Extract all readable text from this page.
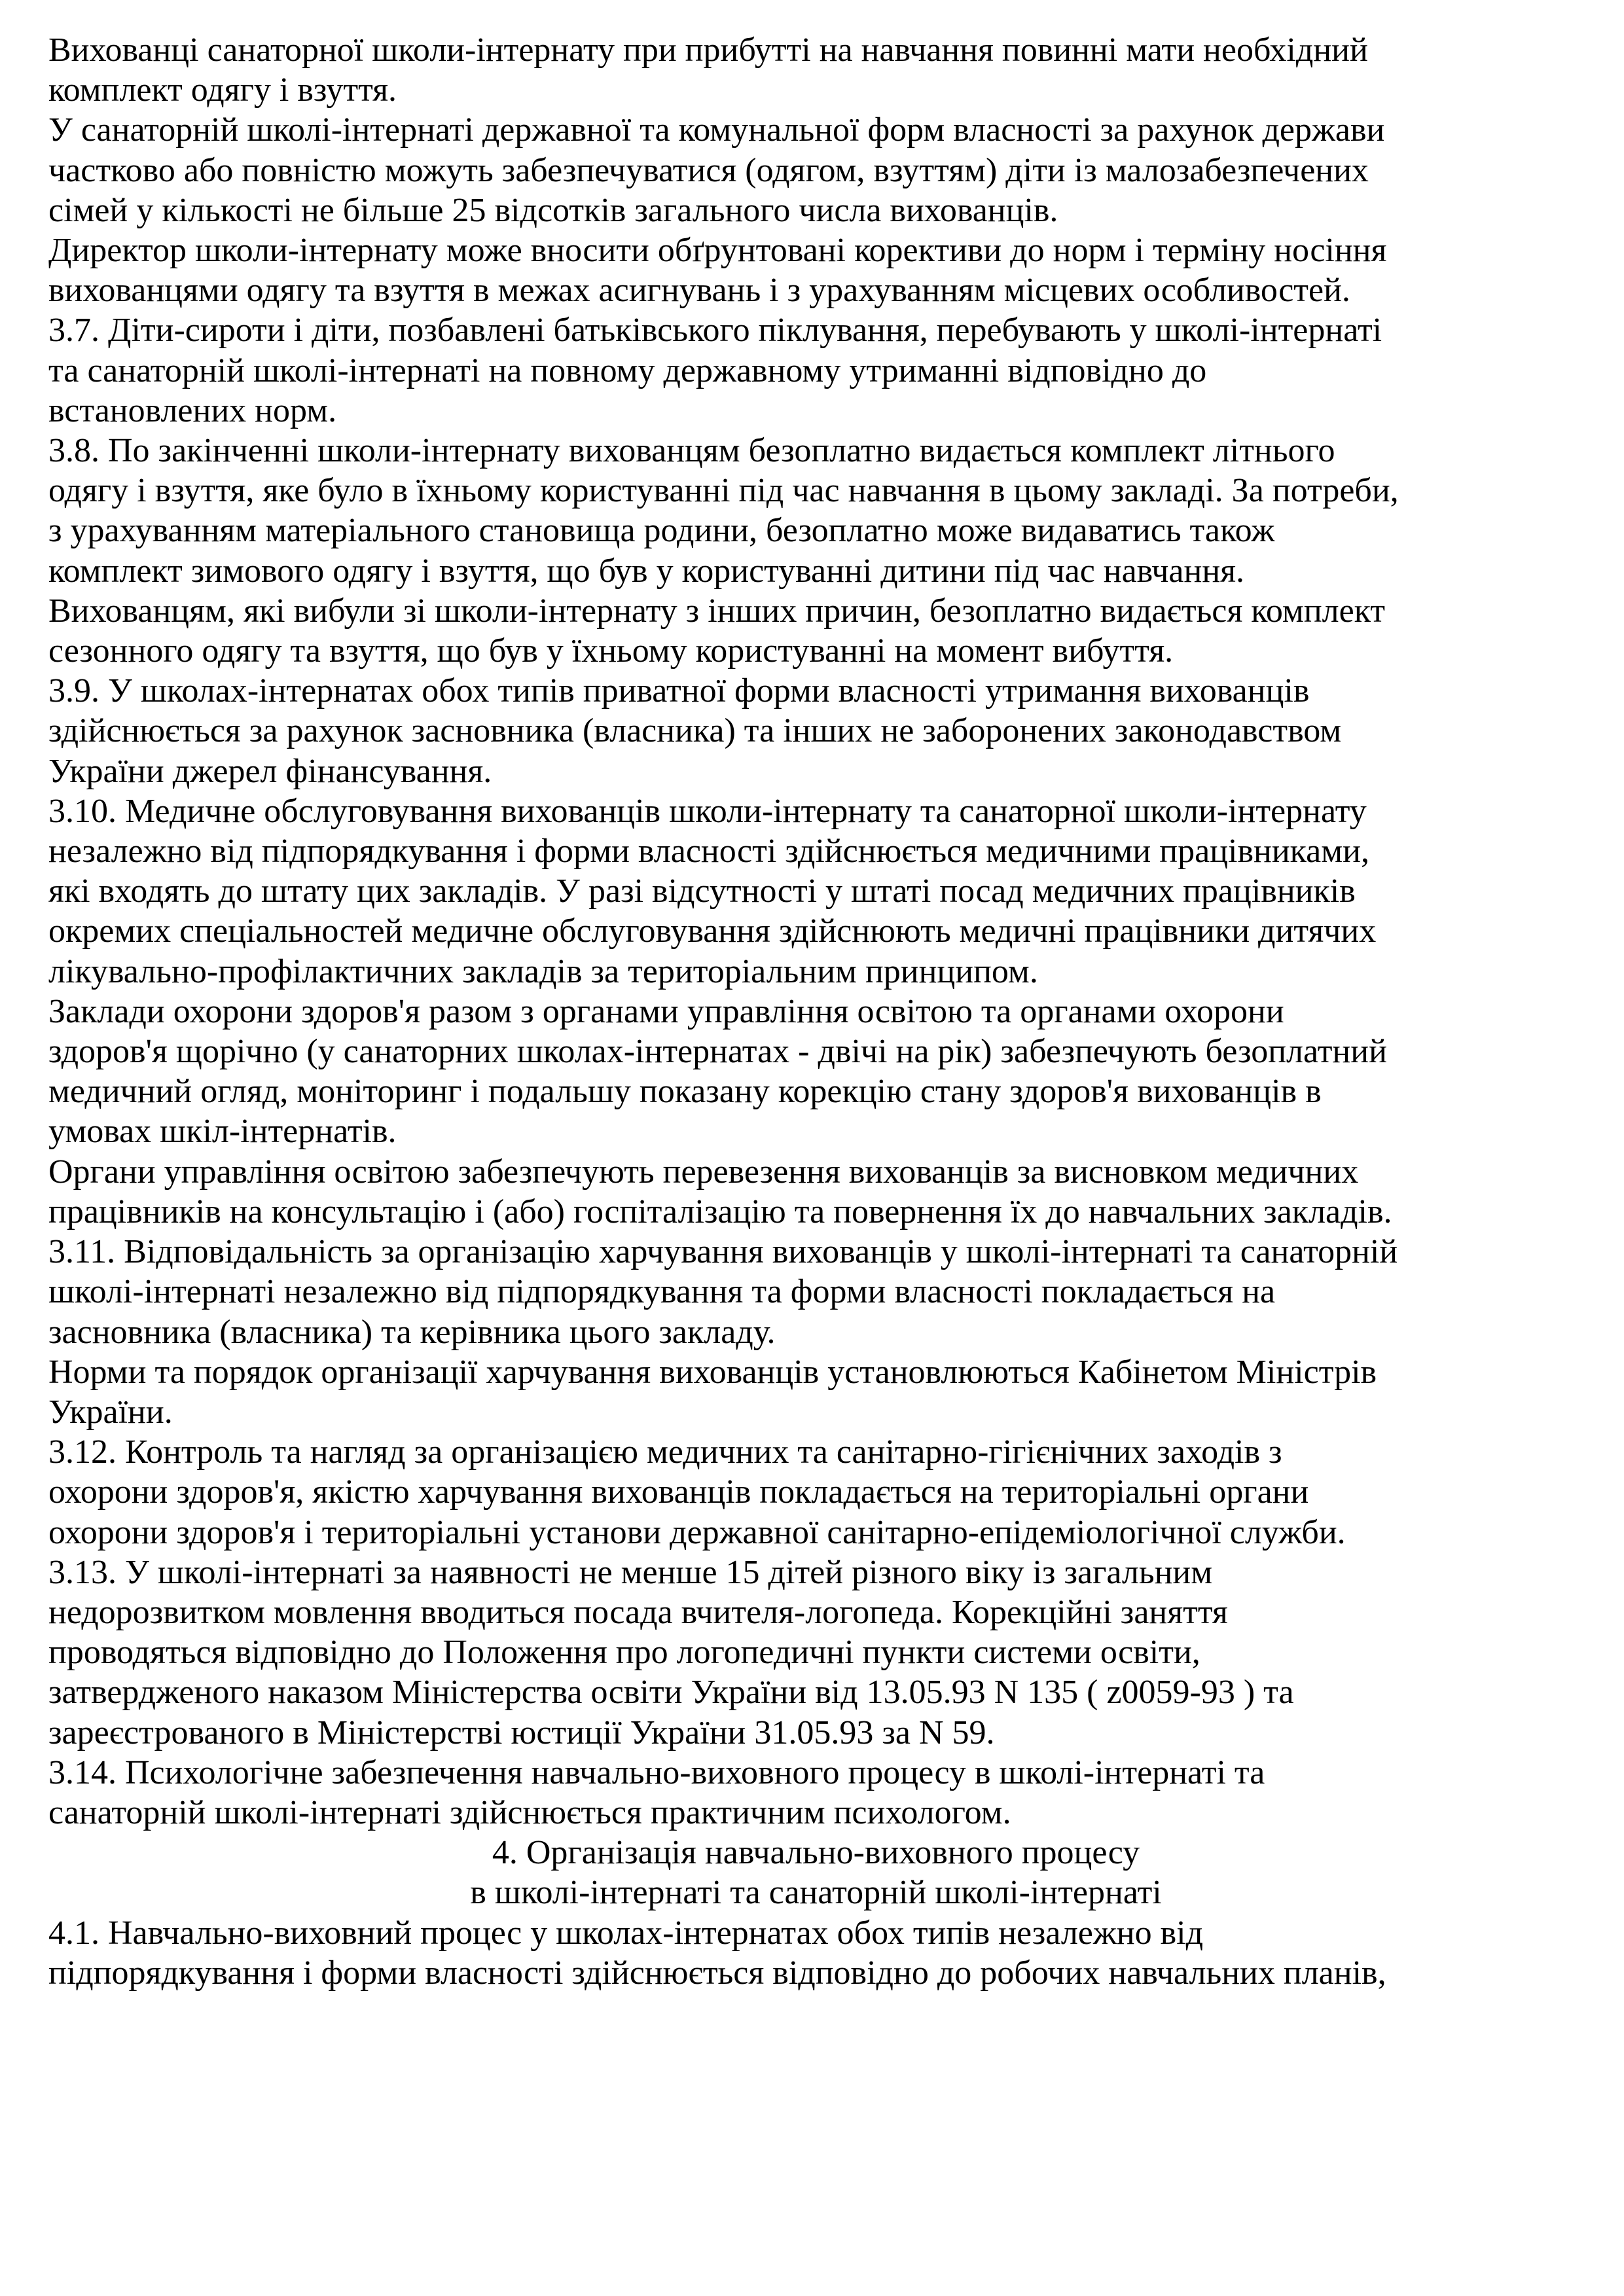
Вихованці санаторної школи-інтернату при прибутті на навчання повинні мати необхідний
комплект одягу і взуття.
У санаторній школі-інтернаті державної та комунальної форм власності за рахунок держави
частково або повністю можуть забезпечуватися (одягом, взуттям) діти із малозабезпечених
сімей у кількості не більше 25 відсотків загального числа вихованців.
Директор школи-інтернату може вносити обґрунтовані корективи до норм і терміну носіння
вихованцями одягу та взуття в межах асигнувань і з урахуванням місцевих особливостей.
3.7. Діти-сироти і діти, позбавлені батьківського піклування, перебувають у школі-інтернаті
та санаторній школі-інтернаті на повному державному утриманні відповідно до
встановлених норм.
3.8. По закінченні школи-інтернату вихованцям безоплатно видається комплект літнього
одягу і взуття, яке було в їхньому користуванні під час навчання в цьому закладі. За потреби,
з урахуванням матеріального становища родини, безоплатно може видаватись також
комплект зимового одягу і взуття, що був у користуванні дитини під час навчання.
Вихованцям, які вибули зі школи-інтернату з інших причин, безоплатно видається комплект
сезонного одягу та взуття, що був у їхньому користуванні на момент вибуття.
3.9. У школах-інтернатах обох типів приватної форми власності утримання вихованців
здійснюється за рахунок засновника (власника) та інших не заборонених законодавством
України джерел фінансування.
3.10. Медичне обслуговування вихованців школи-інтернату та санаторної школи-інтернату
незалежно від підпорядкування і форми власності здійснюється медичними працівниками,
які входять до штату цих закладів. У разі відсутності у штаті посад медичних працівників
окремих спеціальностей медичне обслуговування здійснюють медичні працівники дитячих
лікувально-профілактичних закладів за територіальним принципом.
Заклади охорони здоров'я разом з органами управління освітою та органами охорони
здоров'я щорічно (у санаторних школах-інтернатах - двічі на рік) забезпечують безоплатний
медичний огляд, моніторинг і подальшу показану корекцію стану здоров'я вихованців в
умовах шкіл-інтернатів.
Органи управління освітою забезпечують перевезення вихованців за висновком медичних
працівників на консультацію і (або) госпіталізацію та повернення їх до навчальних закладів.
3.11. Відповідальність за організацію харчування вихованців у школі-інтернаті та санаторній
школі-інтернаті незалежно від підпорядкування та форми власності покладається на
засновника (власника) та керівника цього закладу.
Норми та порядок організації харчування вихованців установлюються Кабінетом Міністрів
України.
3.12. Контроль та нагляд за організацією медичних та санітарно-гігієнічних заходів з
охорони здоров'я, якістю харчування вихованців покладається на територіальні органи
охорони здоров'я і територіальні установи державної санітарно-епідеміологічної служби.
3.13. У школі-інтернаті за наявності не менше 15 дітей різного віку із загальним
недорозвитком мовлення вводиться посада вчителя-логопеда. Корекційні заняття
проводяться відповідно до Положення про логопедичні пункти системи освіти,
затвердженого наказом Міністерства освіти України від 13.05.93 N 135 ( z0059-93 ) та
зареєстрованого в Міністерстві юстиції України 31.05.93 за N 59.
3.14. Психологічне забезпечення навчально-виховного процесу в школі-інтернаті та
санаторній школі-інтернаті здійснюється практичним психологом.
4. Організація навчально-виховного процесу
в школі-інтернаті та санаторній школі-інтернаті
4.1. Навчально-виховний процес у школах-інтернатах обох типів незалежно від
підпорядкування і форми власності здійснюється відповідно до робочих навчальних планів,
